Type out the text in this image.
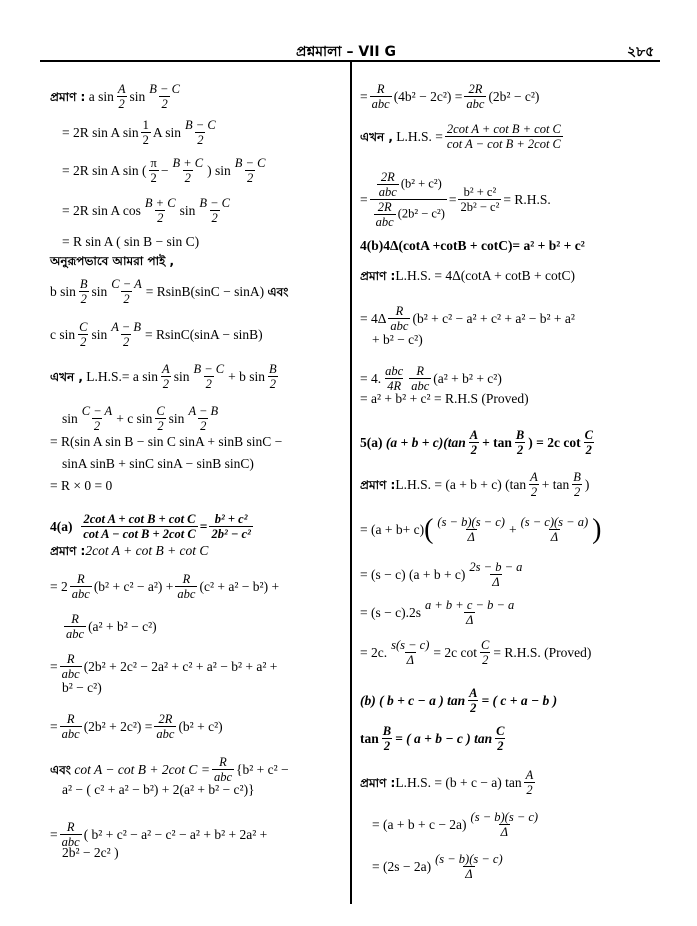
প্রশ্নমালা – VII G	২৮৫
প্রমাণ :
a $\sin \frac{A}{2}$ $\sin \frac{B - C}{2}$
= 2R sin A $\sin \frac{1}{2}$ A $\sin \frac{B - C}{2}$
= 2R sin A sin ( $\frac{\pi}{2} - \frac{B + C}{2}$ ) $\sin \frac{B - C}{2}$
= 2R sin A $\cos \frac{B + C}{2}$ $\sin \frac{B - C}{2}$
= R sin A ( sin B − sin C)
অনুরূপভাবে আমরা পাই ,
b $\sin \frac{B}{2}$ $\sin \frac{C - A}{2} = RsinB(\sin C - \sin A)$
এবং
c $\sin \frac{C}{2}$ $\sin \frac{A - B}{2} = RsinC(\sin A - \sin B)$
এখন ,
L.H.S.= a $\sin \frac{A}{2}$ $\sin \frac{B - C}{2} + b$ $\sin \frac{B}{2}$
$\sin \frac{C - A}{2} + c$ $\sin \frac{C}{2}$ $\sin \frac{A - B}{2}$
= R(sin A sin B − sin C sinA + sinB sinC −
sinA sinB + sinC sinA − sinB sinC)
= R × 0 = 0
4(a)
$\frac{\text{2cot A + cot B + cot C}}{\text{cot A − cot B + 2cot C}} = \frac{\text{b² + c²}}{\text{2b² − c²}}$
প্রমাণ : 2cot A + cot B + cot C
= $2 \frac{R}{\text{abc}} (b^2 + c^2 - a^2) + \frac{R}{\text{abc}} (c^2 + a^2 - b^2)$ +
$\frac{R}{\text{abc}} (a^2 + b^2 - c^2)$
= $\frac{R}{\text{abc}} (2b^2 + 2c^2 - 2a^2 + c^2 + a^2 - b^2 + a^2$ +
b² − c²)
= $\frac{R}{\text{abc}} (2b^2 + 2c^2) = \frac{2R}{\text{abc}} (b^2 + c^2)$
এবং
cot A − cot B + 2cot $C = \frac{R}{\text{abc}} \{b^2 + c^2$ −
a² − ( c² + a² − b²) + 2(a² + b² − c²)}
= $\frac{R}{\text{abc}}$ ( b² + c² − a² − c² − a² + b² + 2a² +
2b² − 2c² )
= $\frac{R}{\text{abc}} (4b^2 - 2c^2) = \frac{2R}{\text{abc}} (2b^2 - c^2)$
এখন ,
L.H.S. = $\frac{\text{2cot A + cot B + cot C}}{\text{cot A − cot B + 2cot C}}$
= $\frac{\frac{2R}{\text{abc}} (b^2 + c^2)}{\frac{2R}{\text{abc}} (2b^2 - c^2)} = \frac{\text{b² + c²}}{\text{2b² − c²}} = R.H.S$.
4(b)4Δ(cotA +cotB + cotC)= a² + b² + c²
প্রমাণ : L.H.S. = 4Δ(cotA + cotB + cotC)
= $4\Delta \frac{R}{\text{abc}} (b^2 + c^2 - a^2 + c^2 + a^2 - b^2 + a^2$
+ b² − c²)
= 4. $\frac{\text{abc}}{4R} \frac{R}{\text{abc}} (a^2 + b^2 + c^2)$
= a² + b² + c² = R.H.S (Proved)
5(a)
$(a + b + c)(\tan \frac{A}{2} + \tan \frac{B}{2}$ ) = 2c $\cot \frac{C}{2}$
প্রমাণ : L.H.S. = (a + b + c) ($\tan \frac{A}{2} + \tan \frac{B}{2}$ )
= (a + b+ c) ( $\frac{(s - b)(s - c)}{\Delta} + \frac{(s - c)(s - a)}{\Delta}$ )
= (s − c) $(a + b + c) \frac{2s - b - a}{\Delta}$
= $(s - c).2s \frac{a + b + c - b - a}{\Delta}$
= 2c. $\frac{s(s - c)}{\Delta} = 2c$ $\cot \frac{C}{2} = R.H.S$. (Proved)
(b) ( b + c − a ) $\tan \frac{A}{2}$ = ( c + a − b )
$\tan \frac{B}{2}$ = ( a + b − c ) $\tan \frac{C}{2}$
প্রমাণ : L.H.S. = (b + c − a) $\tan \frac{A}{2}$
= $(a + b + c - 2a) \frac{(s - b)(s - c)}{\Delta}$
= $(2s - 2a) \frac{(s - b)(s - c)}{\Delta}$
